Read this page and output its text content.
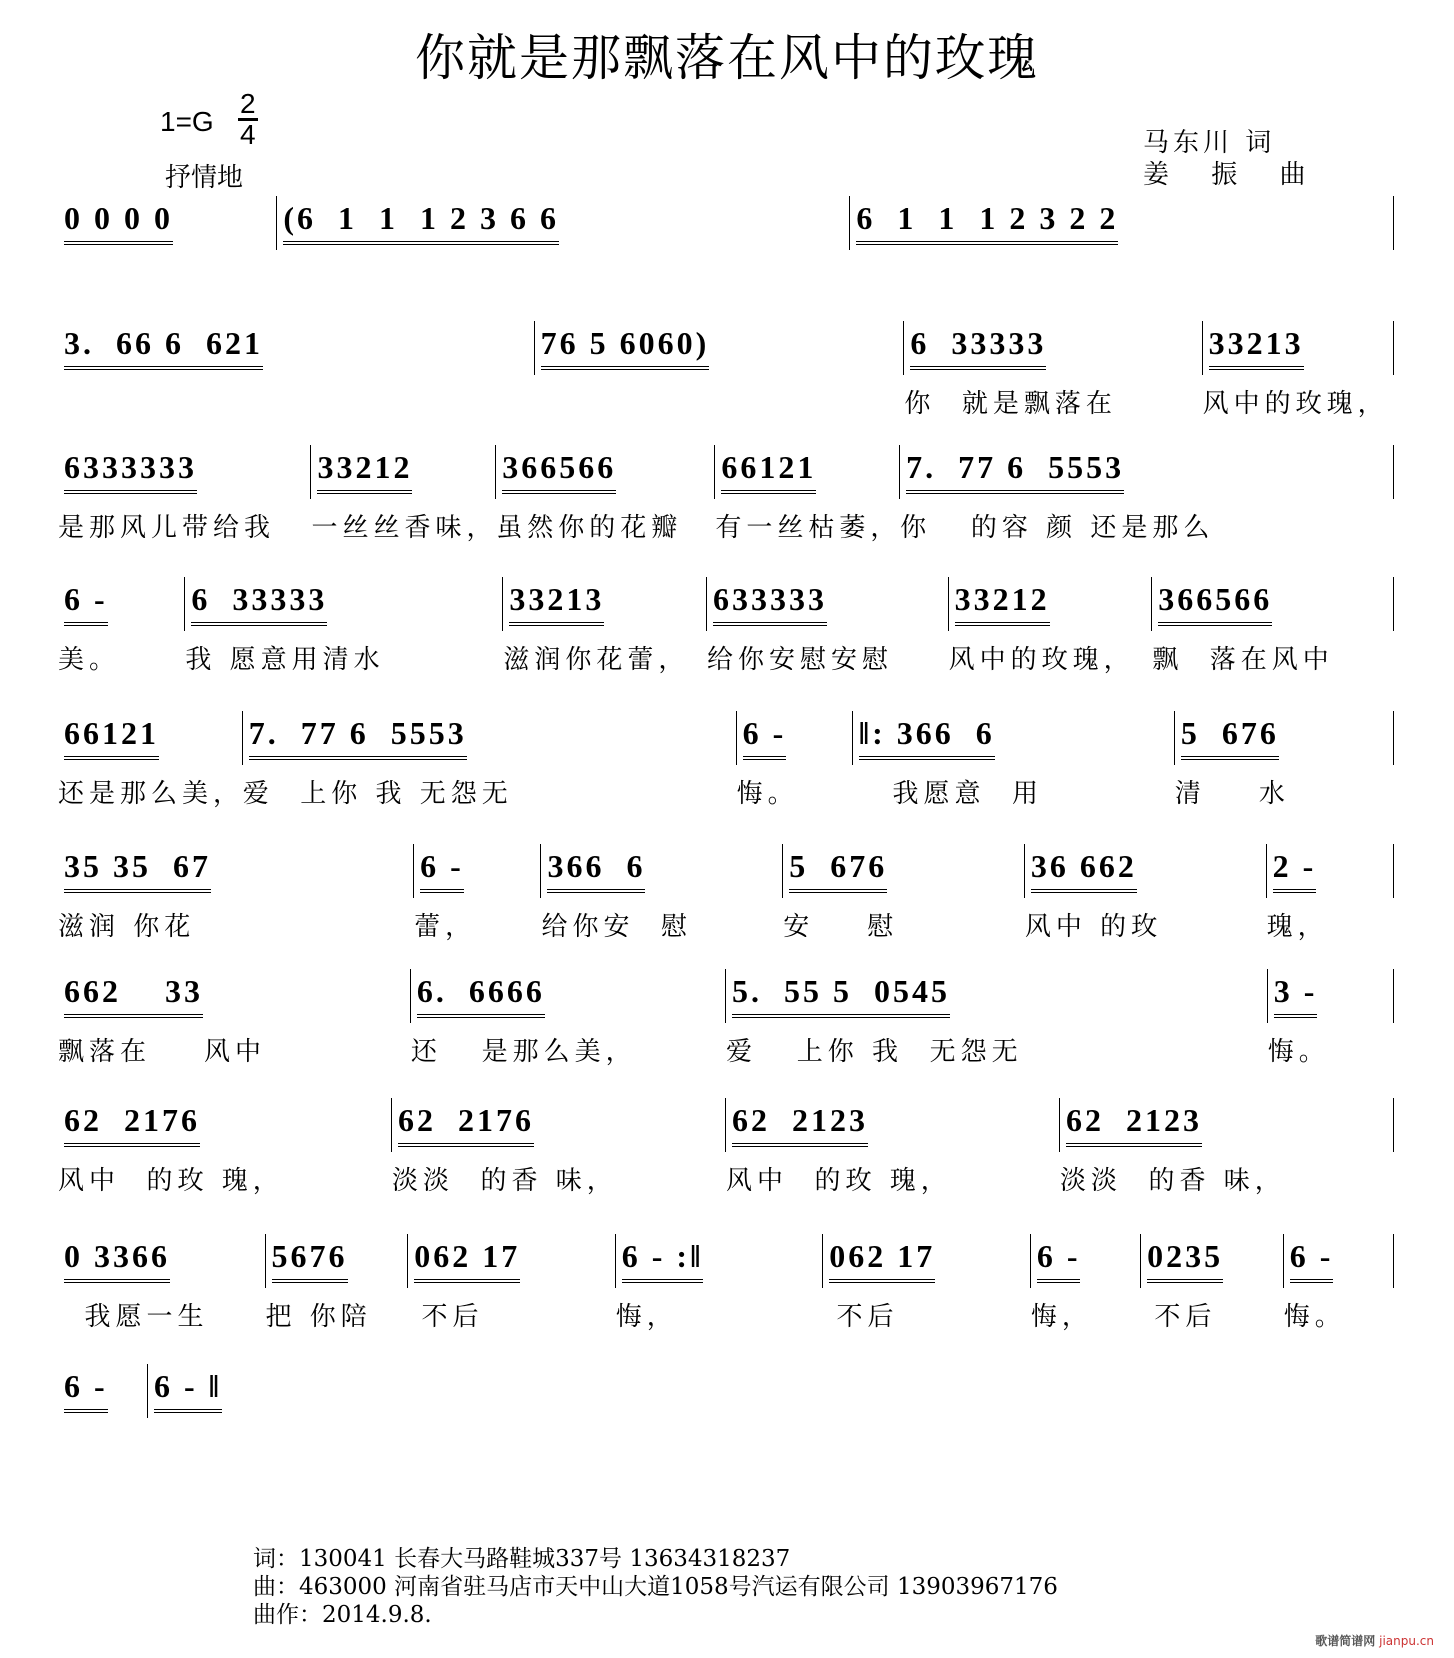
你就是那飘落在风中的玫瑰
1=G
2
4
抒情地
马东川 词
姜 振 曲
0 0 0 0	(6  1  1  1 2 3 6 6	6  1  1  1 2 3 2 2
3.  66 6  621	76 5 6060)	6  33333
你  就是飘落在
33213
风中的玫瑰，
6333333
是那风儿带给我
33212
一丝丝香味，
366566
虽然你的花瓣
66121
有一丝枯萎，
7.  77 6  5553
你   的容 颜 还是那么
6 -
美。
6  33333
我 愿意用清水
33213
滋润你花蕾，
633333
给你安慰安慰
33212
风中的玫瑰，
366566
飘  落在风中
66121
还是那么美，
7.  77 6  5553
爱  上你 我 无怨无
6 -
悔。
‖: 366  6
我愿意  用
5  676
清    水
35 35  67
滋润 你花
6 -
蕾，
366  6
给你安  慰
5  676
安    慰
36 662
风中 的玫
2 -
瑰，
662    33
飘落在    风中
6.  6666
还   是那么美，
5.  55 5  0545
爱   上你 我  无怨无
3 -
悔。
62  2176
风中  的玫 瑰，
62  2176
淡淡  的香 味，
62  2123
风中  的玫 瑰，
62  2123
淡淡  的香 味，
0 3366
我愿一生
5676
把 你陪
062 17
不后
6 - :‖
悔，
062 17
不后
6 -
悔，
0235
不后
6 -
悔。
6 - 6 - ‖
词：130041 长春大马路鞋城337号 13634318237
曲：463000 河南省驻马店市天中山大道1058号汽运有限公司 13903967176
曲作：2014.9.8.
歌谱简谱网 jianpu.cn
